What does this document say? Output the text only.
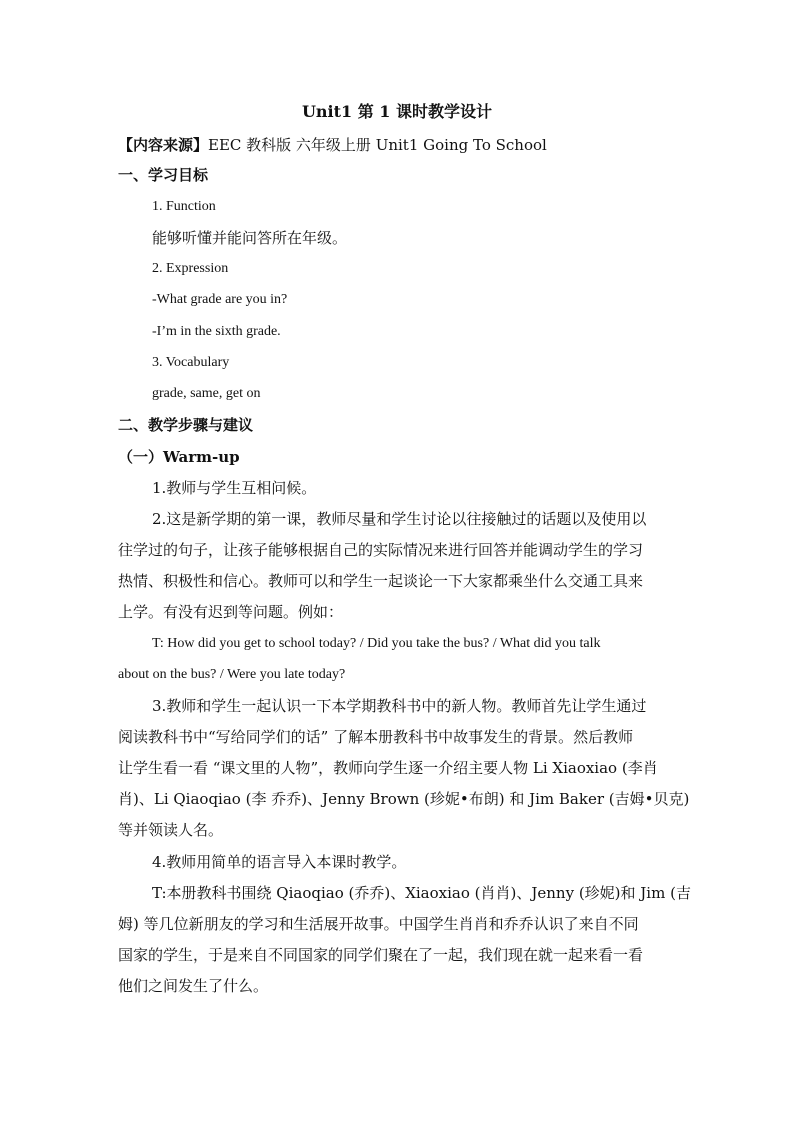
Unit1 第 1 课时教学设计
【内容来源】EEC 教科版 六年级上册 Unit1 Going To School
一、学习目标
1. Function
能够听懂并能问答所在年级。
2. Expression
-What grade are you in?
-I’m in the sixth grade.
3. Vocabulary
grade, same, get on
二、教学步骤与建议
（一）Warm-up
1.教师与学生互相问候。
2.这是新学期的第一课，教师尽量和学生讨论以往接触过的话题以及使用以
往学过的句子，让孩子能够根据自己的实际情况来进行回答并能调动学生的学习
热情、积极性和信心。教师可以和学生一起谈论一下大家都乘坐什么交通工具来
上学。有没有迟到等问题。例如：
T: How did you get to school today? / Did you take the bus? / What did you talk
about on the bus? / Were you late today?
3.教师和学生一起认识一下本学期教科书中的新人物。教师首先让学生通过
阅读教科书中“写给同学们的话” 了解本册教科书中故事发生的背景。然后教师
让学生看一看 “课文里的人物”，教师向学生逐一介绍主要人物 Li Xiaoxiao (李肖
肖)、Li Qiaoqiao (李 乔乔)、Jenny Brown (珍妮•布朗) 和 Jim Baker (吉姆•贝克)
等并领读人名。
4.教师用简单的语言导入本课时教学。
T:本册教科书围绕 Qiaoqiao (乔乔)、Xiaoxiao (肖肖)、Jenny (珍妮)和 Jim (吉
姆) 等几位新朋友的学习和生活展开故事。中国学生肖肖和乔乔认识了来自不同
国家的学生，于是来自不同国家的同学们聚在了一起，我们现在就一起来看一看
他们之间发生了什么。
